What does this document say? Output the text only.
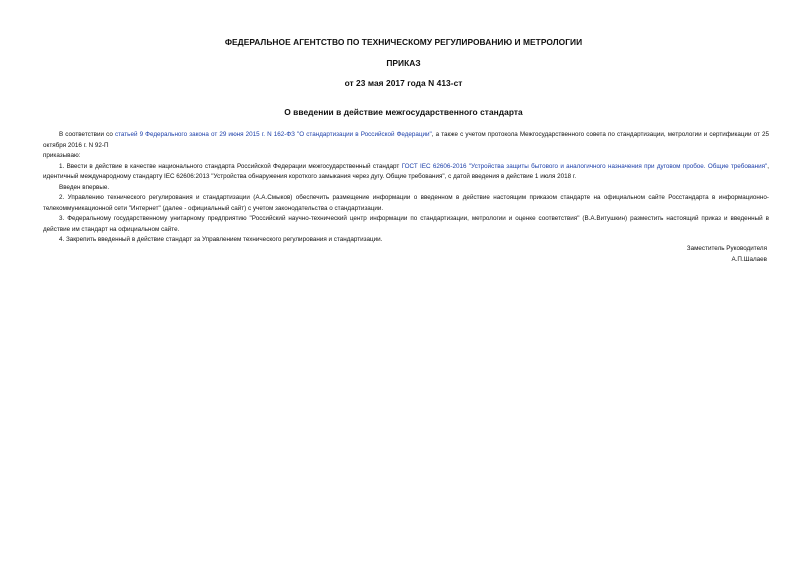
ФЕДЕРАЛЬНОЕ АГЕНТСТВО ПО ТЕХНИЧЕСКОМУ РЕГУЛИРОВАНИЮ И МЕТРОЛОГИИ
ПРИКАЗ
от 23 мая 2017 года N 413-ст
О введении в действие межгосударственного стандарта

В соответствии со статьей 9 Федерального закона от 29 июня 2015 г. N 162-ФЗ "О стандартизации в Российской Федерации", а также с учетом протокола Межгосударственного совета по стандартизации, метрологии и сертификации от 25 октября 2016 г. N 92-П

приказываю:

1. Ввести в действие в качестве национального стандарта Российской Федерации межгосударственный стандарт ГОСТ IEC 62606-2016 "Устройства защиты бытового и аналогичного назначения при дуговом пробое. Общие требования", идентичный международному стандарту IEC 62606:2013 "Устройства обнаружения короткого замыкания через дугу. Общие требования", с датой введения в действие 1 июля 2018 г.

Введен впервые.

2. Управлению технического регулирования и стандартизации (А.А.Смыков) обеспечить размещение информации о введенном в действие настоящим приказом стандарте на официальном сайте Росстандарта в информационно-телекоммуникационной сети "Интернет" (далее - официальный сайт) с учетом законодательства о стандартизации.

3. Федеральному государственному унитарному предприятию "Российский научно-технический центр информации по стандартизации, метрологии и оценке соответствия" (В.А.Витушкин) разместить настоящий приказ и введенный в действие им стандарт на официальном сайте.

4. Закрепить введенный в действие стандарт за Управлением технического регулирования и стандартизации.

Заместитель Руководителя
А.П.Шалаев
